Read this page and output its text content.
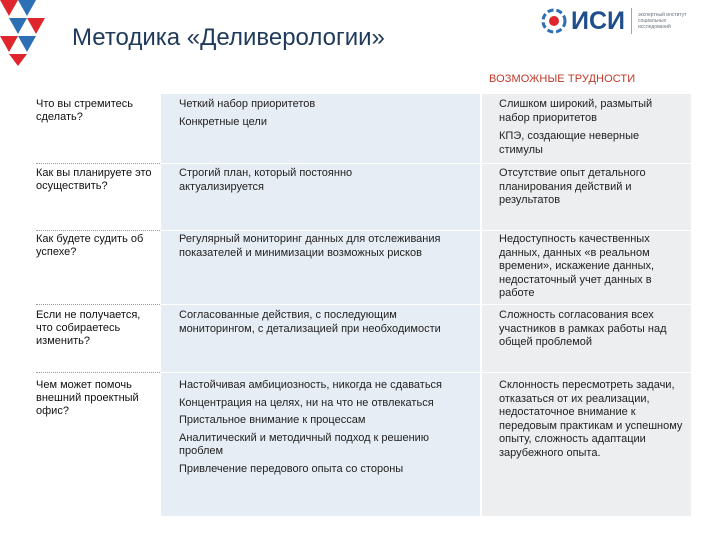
Методика «Деливерологии»
ИСИ	экспертный институт социальных исследований
ВОЗМОЖНЫЕ ТРУДНОСТИ
Что вы стремитесь сделать?

Четкий набор приоритетов

Конкретные цели

Слишком широкий, размытый набор приоритетов

КПЭ, создающие неверные стимулы

Как вы планируете это осуществить?

Строгий план, который постоянно актуализируется

Отсутствие опыт детального планирования действий и результатов

Как будете судить об успехе?

Регулярный мониторинг данных для отслеживания показателей и минимизации возможных рисков

Недоступность качественных данных, данных «в реальном времени», искажение данных, недостаточный учет данных в работе

Если не получается, что собираетесь изменить?

Согласованные действия, с последующим мониторингом, с детализацией при необходимости

Сложность согласования всех участников в рамках работы над общей проблемой

Чем может помочь внешний проектный офис?

Настойчивая амбициозность, никогда не сдаваться

Концентрация на целях, ни на что не отвлекаться

Пристальное внимание к процессам

Аналитический и методичный подход к решению проблем

Привлечение передового опыта со стороны

Склонность пересмотреть задачи, отказаться от их реализации, недостаточное внимание к передовым практикам и успешному опыту, сложность адаптации зарубежного опыта.
